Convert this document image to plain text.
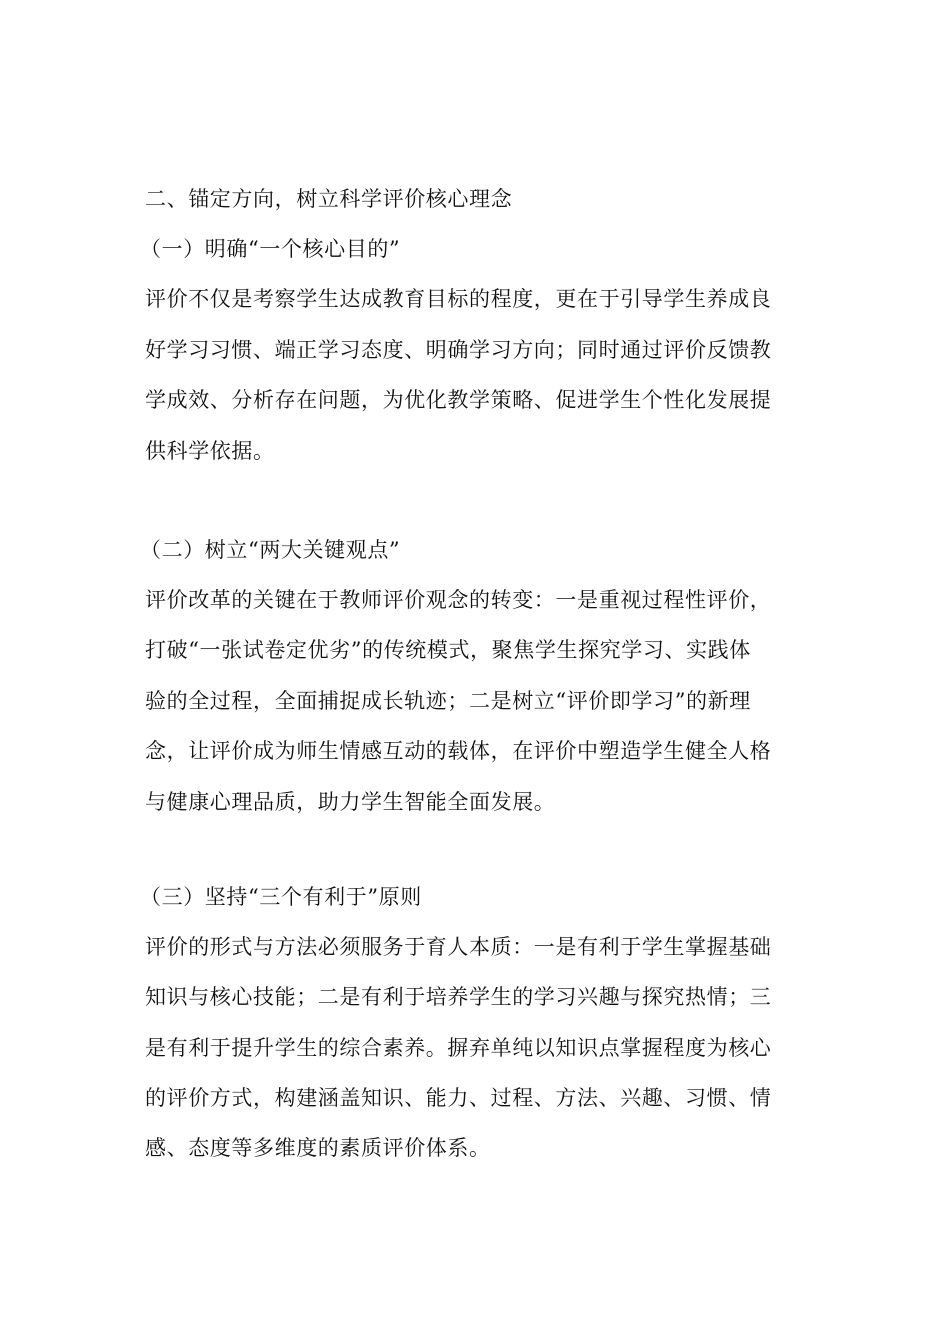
二、锚定方向，树立科学评价核心理念
（一）明确“一个核心目的”
评价不仅是考察学生达成教育目标的程度，更在于引导学生养成良
好学习习惯、端正学习态度、明确学习方向；同时通过评价反馈教
学成效、分析存在问题，为优化教学策略、促进学生个性化发展提
供科学依据。
（二）树立“两大关键观点”
评价改革的关键在于教师评价观念的转变：一是重视过程性评价，
打破“一张试卷定优劣”的传统模式，聚焦学生探究学习、实践体
验的全过程，全面捕捉成长轨迹；二是树立“评价即学习”的新理
念，让评价成为师生情感互动的载体，在评价中塑造学生健全人格
与健康心理品质，助力学生智能全面发展。
（三）坚持“三个有利于”原则
评价的形式与方法必须服务于育人本质：一是有利于学生掌握基础
知识与核心技能；二是有利于培养学生的学习兴趣与探究热情；三
是有利于提升学生的综合素养。摒弃单纯以知识点掌握程度为核心
的评价方式，构建涵盖知识、能力、过程、方法、兴趣、习惯、情
感、态度等多维度的素质评价体系。
